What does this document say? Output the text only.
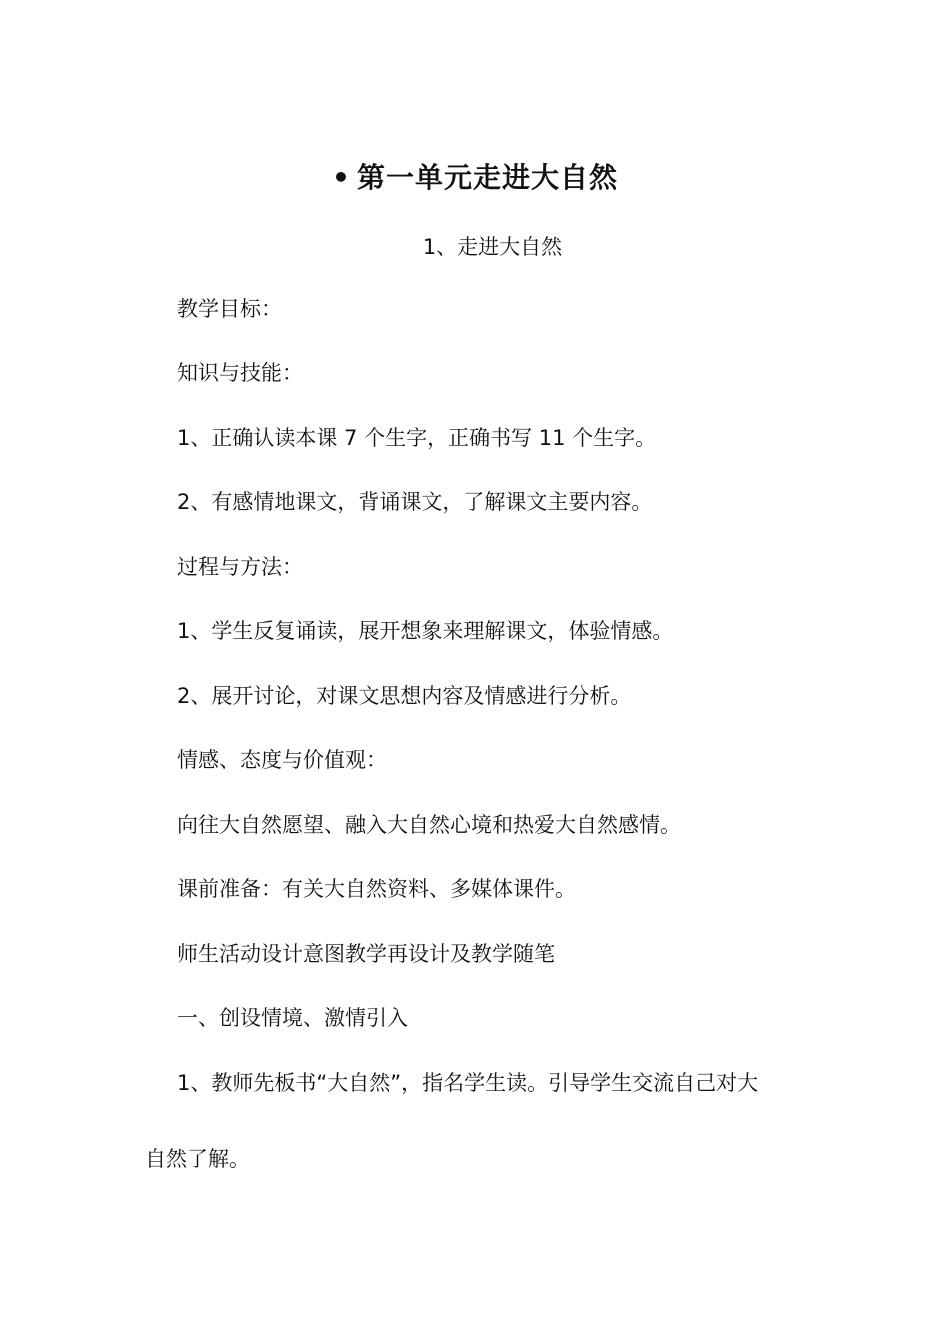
• 第一单元走进大自然
1、走进大自然
教学目标：
知识与技能：
1、正确认读本课 7 个生字，正确书写 11 个生字。
2、有感情地课文，背诵课文，了解课文主要内容。
过程与方法：
1、学生反复诵读，展开想象来理解课文，体验情感。
2、展开讨论，对课文思想内容及情感进行分析。
情感、态度与价值观：
向往大自然愿望、融入大自然心境和热爱大自然感情。
课前准备：有关大自然资料、多媒体课件。
师生活动设计意图教学再设计及教学随笔
一、创设情境、激情引入
1、教师先板书“大自然”，指名学生读。引导学生交流自己对大
自然了解。
